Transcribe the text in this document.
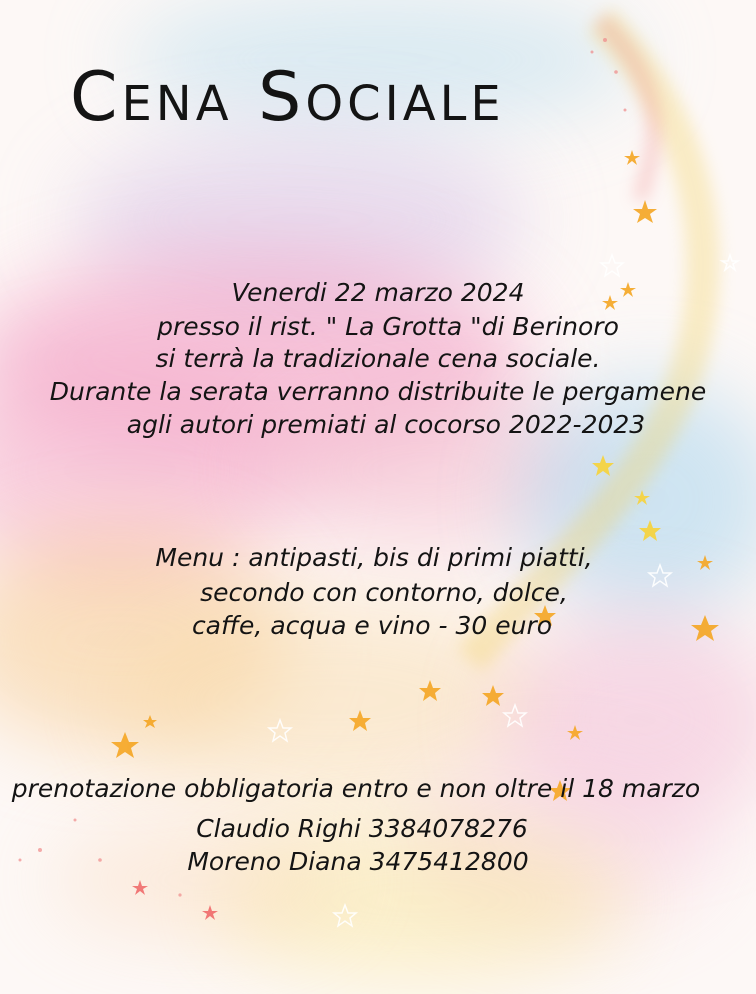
Cena Sociale
Venerdi 22 marzo 2024
presso il rist. " La Grotta "di Berinoro
si terrà la tradizionale cena sociale.
Durante la serata verranno distribuite le pergamene
agli autori premiati al cocorso 2022-2023
Menu : antipasti, bis di primi piatti,
secondo con contorno, dolce,
caffe, acqua e vino - 30 euro
prenotazione obbligatoria entro e non oltre il 18 marzo
Claudio Righi 3384078276
Moreno Diana 3475412800
